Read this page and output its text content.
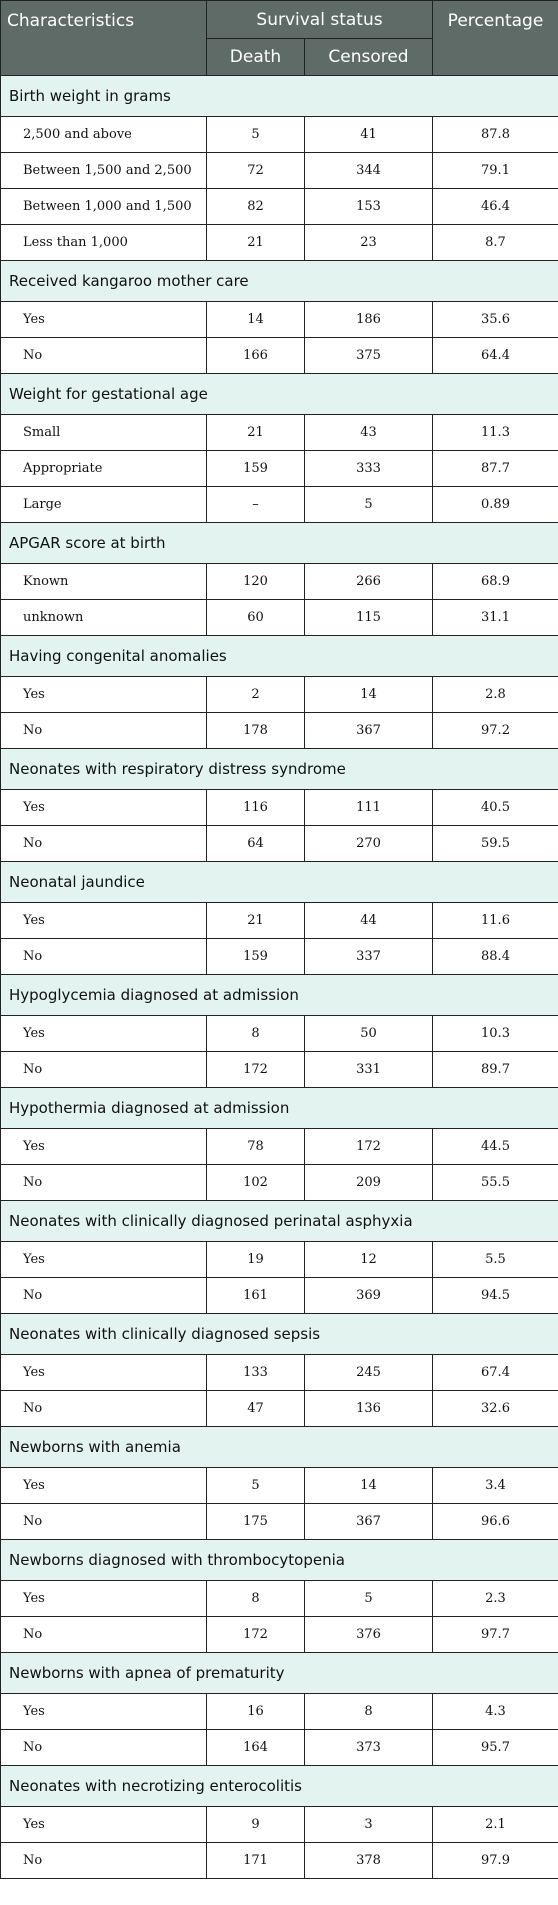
Characteristics	Survival status		Percentage
	Death	Censored	
Birth weight in grams			
2,500 and above	5	41	87.8
Between 1,500 and 2,500	72	344	79.1
Between 1,000 and 1,500	82	153	46.4
Less than 1,000	21	23	8.7
Received kangaroo mother care			
Yes	14	186	35.6
No	166	375	64.4
Weight for gestational age			
Small	21	43	11.3
Appropriate	159	333	87.7
Large	–	5	0.89
APGAR score at birth			
Known	120	266	68.9
unknown	60	115	31.1
Having congenital anomalies			
Yes	2	14	2.8
No	178	367	97.2
Neonates with respiratory distress syndrome			
Yes	116	111	40.5
No	64	270	59.5
Neonatal jaundice			
Yes	21	44	11.6
No	159	337	88.4
Hypoglycemia diagnosed at admission			
Yes	8	50	10.3
No	172	331	89.7
Hypothermia diagnosed at admission			
Yes	78	172	44.5
No	102	209	55.5
Neonates with clinically diagnosed perinatal asphyxia			
Yes	19	12	5.5
No	161	369	94.5
Neonates with clinically diagnosed sepsis			
Yes	133	245	67.4
No	47	136	32.6
Newborns with anemia			
Yes	5	14	3.4
No	175	367	96.6
Newborns diagnosed with thrombocytopenia			
Yes	8	5	2.3
No	172	376	97.7
Newborns with apnea of prematurity			
Yes	16	8	4.3
No	164	373	95.7
Neonates with necrotizing enterocolitis			
Yes	9	3	2.1
No	171	378	97.9
